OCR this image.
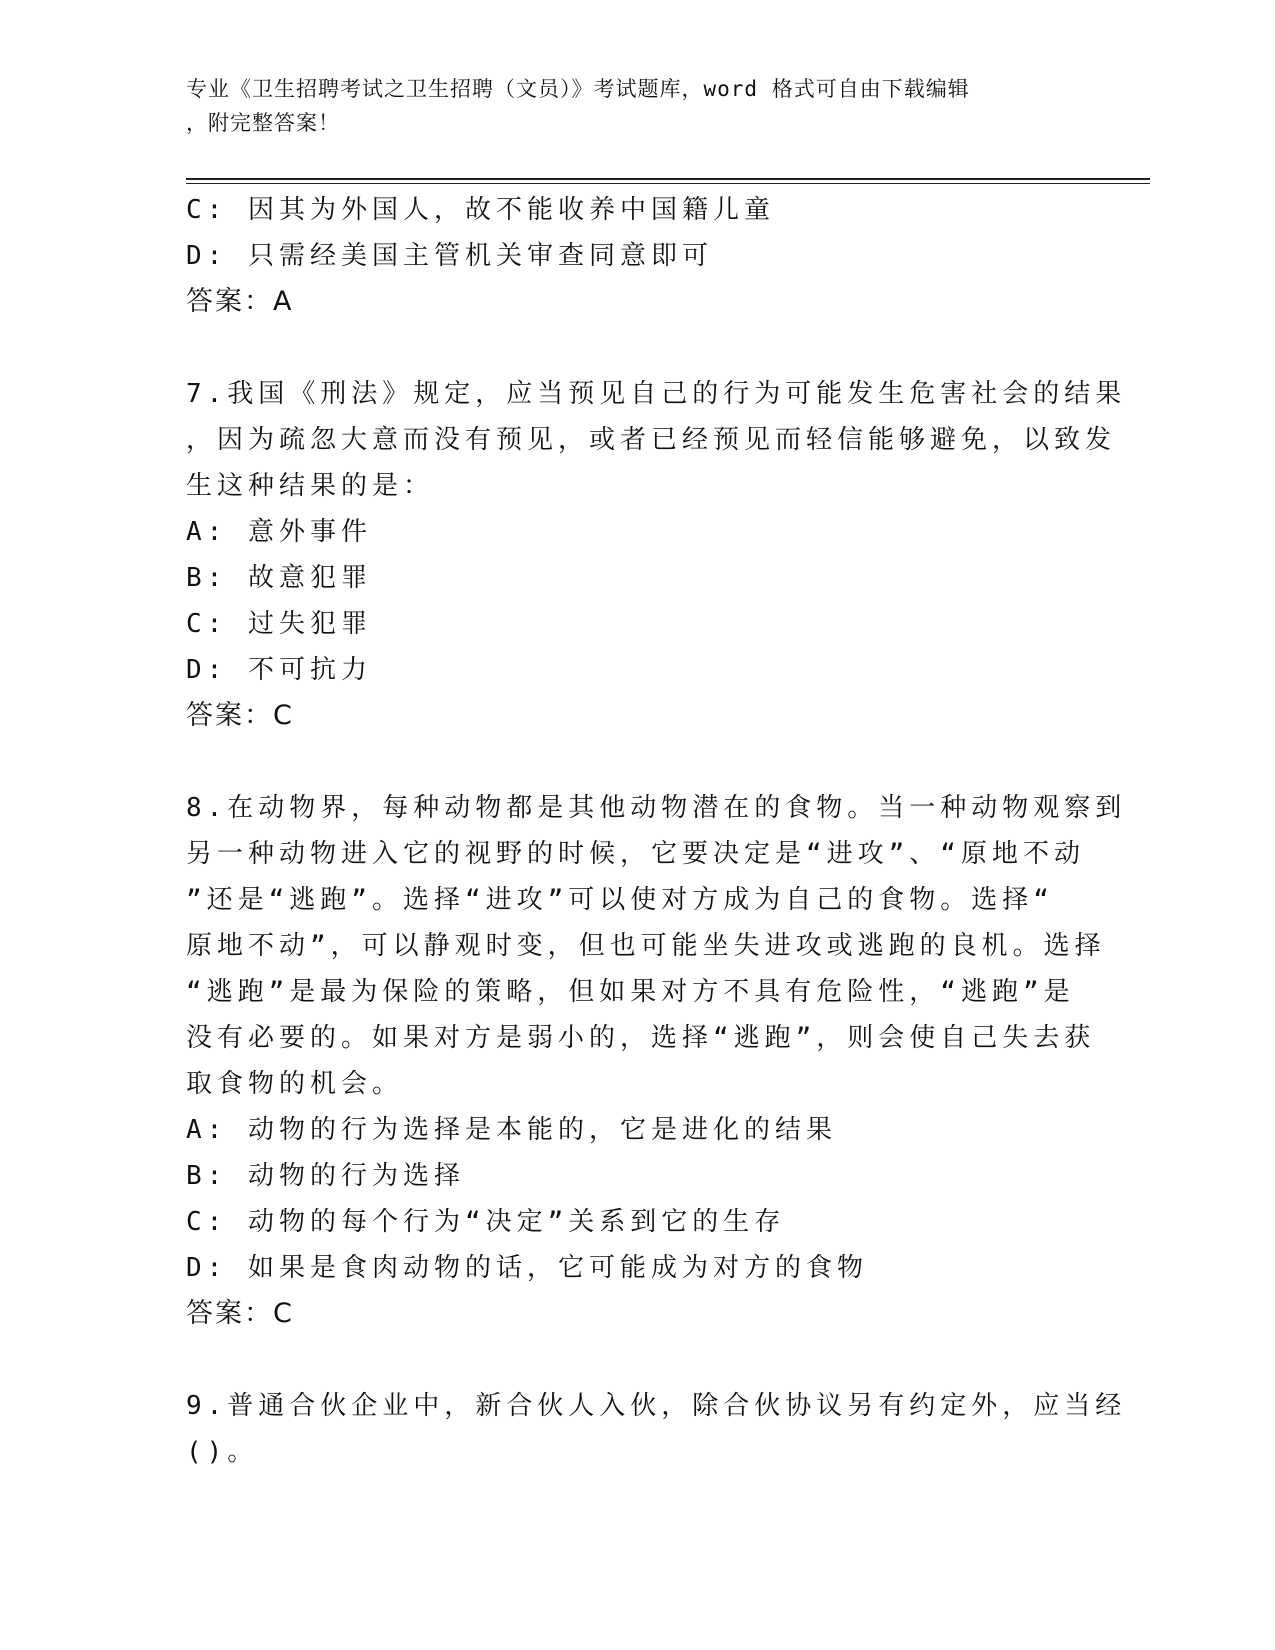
专业《卫生招聘考试之卫生招聘（文员）》考试题库，word 格式可自由下载编辑
，附完整答案！
C: 因其为外国人，故不能收养中国籍儿童
D: 只需经美国主管机关审查同意即可
答案：A
7.我国《刑法》规定，应当预见自己的行为可能发生危害社会的结果
，因为疏忽大意而没有预见，或者已经预见而轻信能够避免，以致发
生这种结果的是：
A: 意外事件
B: 故意犯罪
C: 过失犯罪
D: 不可抗力
答案：C
8.在动物界，每种动物都是其他动物潜在的食物。当一种动物观察到
另一种动物进入它的视野的时候，它要决定是“进攻”、“原地不动
”还是“逃跑”。选择“进攻”可以使对方成为自己的食物。选择“
原地不动”，可以静观时变，但也可能坐失进攻或逃跑的良机。选择
“逃跑”是最为保险的策略，但如果对方不具有危险性，“逃跑”是
没有必要的。如果对方是弱小的，选择“逃跑”，则会使自己失去获
取食物的机会。
A: 动物的行为选择是本能的，它是进化的结果
B: 动物的行为选择
C: 动物的每个行为“决定”关系到它的生存
D: 如果是食肉动物的话，它可能成为对方的食物
答案：C
9.普通合伙企业中，新合伙人入伙，除合伙协议另有约定外，应当经
()。
